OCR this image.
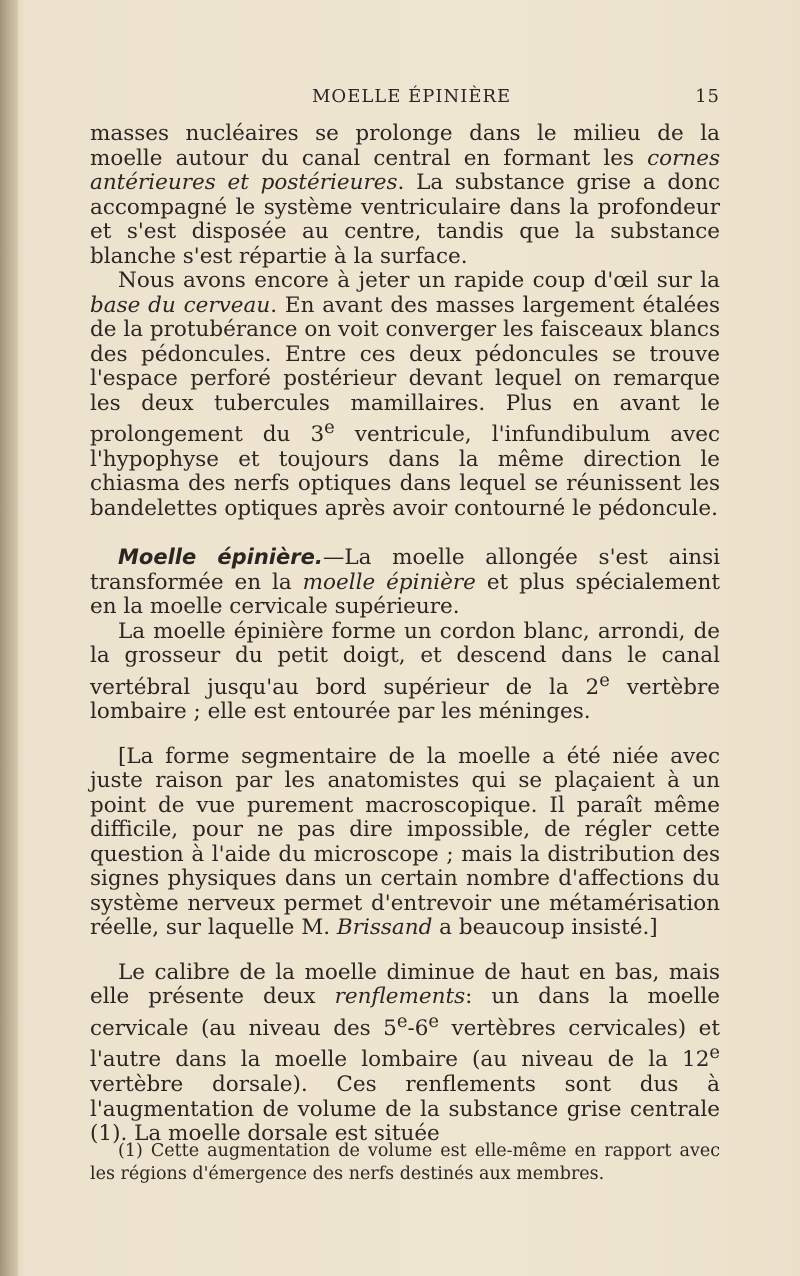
MOELLE ÉPINIÈRE	15

masses nucléaires se prolonge dans le milieu de la moelle autour du canal central en formant les cornes antérieures et postérieures. La substance grise a donc accompagné le système ventriculaire dans la profondeur et s'est disposée au centre, tandis que la substance blanche s'est répartie à la surface.

Nous avons encore à jeter un rapide coup d'œil sur la base du cerveau. En avant des masses largement étalées de la protubérance on voit converger les faisceaux blancs des pédoncules. Entre ces deux pédoncules se trouve l'espace perforé postérieur devant lequel on remarque les deux tubercules mamillaires. Plus en avant le prolongement du 3e ventricule, l'infundibulum avec l'hypophyse et toujours dans la même direction le chiasma des nerfs optiques dans lequel se réunissent les bandelettes optiques après avoir contourné le pédoncule.

Moelle épinière.—La moelle allongée s'est ainsi transformée en la moelle épinière et plus spécialement en la moelle cervicale supérieure.

La moelle épinière forme un cordon blanc, arrondi, de la grosseur du petit doigt, et descend dans le canal vertébral jusqu'au bord supérieur de la 2e vertèbre lombaire ; elle est entourée par les méninges.

[La forme segmentaire de la moelle a été niée avec juste raison par les anatomistes qui se plaçaient à un point de vue purement macroscopique. Il paraît même difficile, pour ne pas dire impossible, de régler cette question à l'aide du microscope ; mais la distribution des signes physiques dans un certain nombre d'affections du système nerveux permet d'entrevoir une métamérisation réelle, sur laquelle M. Brissand a beaucoup insisté.]

Le calibre de la moelle diminue de haut en bas, mais elle présente deux renflements: un dans la moelle cervicale (au niveau des 5e-6e vertèbres cervicales) et l'autre dans la moelle lombaire (au niveau de la 12e vertèbre dorsale). Ces renflements sont dus à l'augmentation de volume de la substance grise centrale (1). La moelle dorsale est située

(1) Cette augmentation de volume est elle-même en rapport avec les régions d'émergence des nerfs destinés aux membres.
